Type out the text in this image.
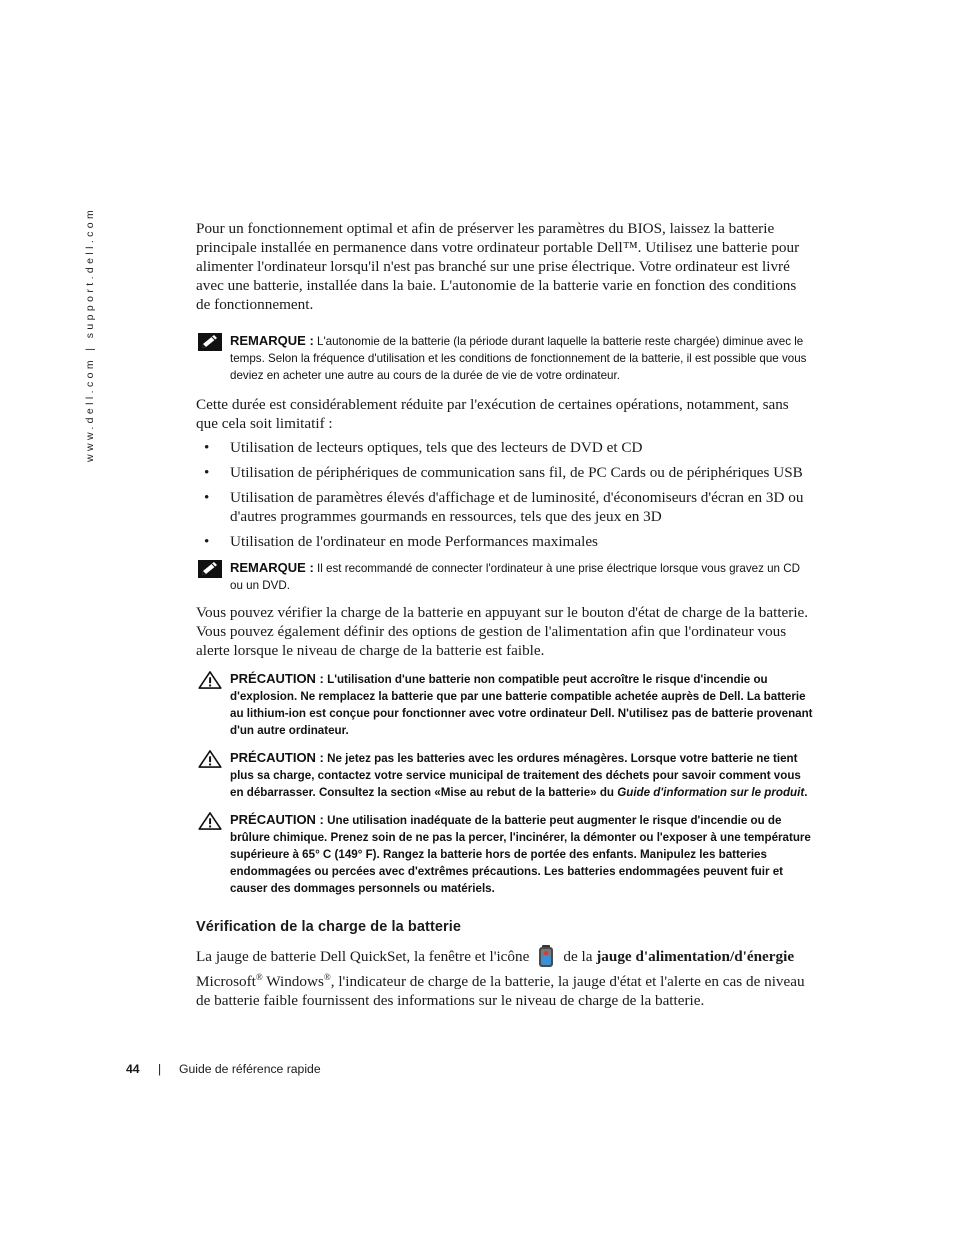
www.dell.com | support.dell.com	Pour un fonctionnement optimal et afin de préserver les paramètres du BIOS, laissez la batterie principale installée en permanence dans votre ordinateur portable Dell™. Utilisez une batterie pour alimenter l'ordinateur lorsqu'il n'est pas branché sur une prise électrique. Votre ordinateur est livré avec une batterie, installée dans la baie. L'autonomie de la batterie varie en fonction des conditions de fonctionnement.

REMARQUE : L'autonomie de la batterie (la période durant laquelle la batterie reste chargée) diminue avec le temps. Selon la fréquence d'utilisation et les conditions de fonctionnement de la batterie, il est possible que vous deviez en acheter une autre au cours de la durée de vie de votre ordinateur.

Cette durée est considérablement réduite par l'exécution de certaines opérations, notamment, sans que cela soit limitatif :

• Utilisation de lecteurs optiques, tels que des lecteurs de DVD et CD
• Utilisation de périphériques de communication sans fil, de PC Cards ou de périphériques USB
• Utilisation de paramètres élevés d'affichage et de luminosité, d'économiseurs d'écran en 3D ou d'autres programmes gourmands en ressources, tels que des jeux en 3D
• Utilisation de l'ordinateur en mode Performances maximales
REMARQUE : Il est recommandé de connecter l'ordinateur à une prise électrique lorsque vous gravez un CD ou un DVD.

Vous pouvez vérifier la charge de la batterie en appuyant sur le bouton d'état de charge de la batterie. Vous pouvez également définir des options de gestion de l'alimentation afin que l'ordinateur vous alerte lorsque le niveau de charge de la batterie est faible.

PRÉCAUTION : L'utilisation d'une batterie non compatible peut accroître le risque d'incendie ou d'explosion. Ne remplacez la batterie que par une batterie compatible achetée auprès de Dell. La batterie au lithium-ion est conçue pour fonctionner avec votre ordinateur Dell. N'utilisez pas de batterie provenant d'un autre ordinateur.
PRÉCAUTION : Ne jetez pas les batteries avec les ordures ménagères. Lorsque votre batterie ne tient plus sa charge, contactez votre service municipal de traitement des déchets pour savoir comment vous en débarrasser. Consultez la section «Mise au rebut de la batterie» du Guide d'information sur le produit.
PRÉCAUTION : Une utilisation inadéquate de la batterie peut augmenter le risque d'incendie ou de brûlure chimique. Prenez soin de ne pas la percer, l'incinérer, la démonter ou l'exposer à une température supérieure à 65° C (149° F). Rangez la batterie hors de portée des enfants. Manipulez les batteries endommagées ou percées avec d'extrêmes précautions. Les batteries endommagées peuvent fuir et causer des dommages personnels ou matériels.
Vérification de la charge de la batterie

La jauge de batterie Dell QuickSet, la fenêtre et l'icône de la jauge d'alimentation/d'énergie
Microsoft® Windows®, l'indicateur de charge de la batterie, la jauge d'état et l'alerte en cas de niveau de batterie faible fournissent des informations sur le niveau de charge de la batterie.

44 | Guide de référence rapide
